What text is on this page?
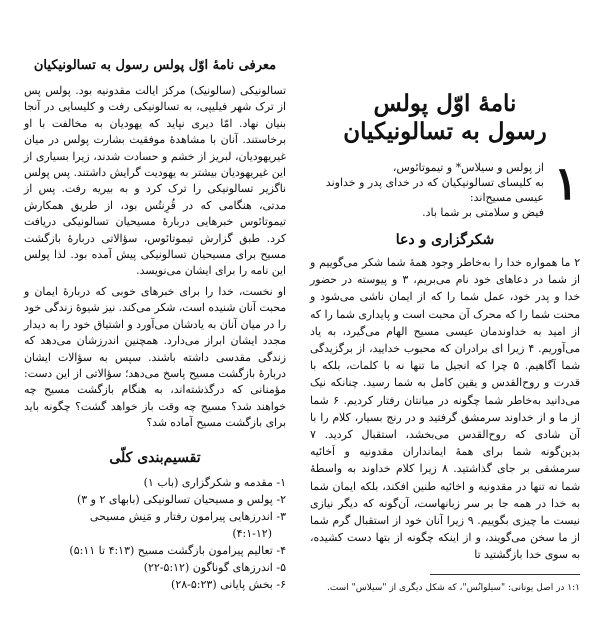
معرفی نامهٔ اوّل پولس رسول به تسالونیکیان

تسالونیکی (سالونیک) مرکز ایالت مقدونیه بود. پولس پس از ترک شهر فیلیپی، به تسالونیکی رفت و کلیسایی در آنجا بنیان نهاد. امّا دیری نپاید که یهودیان به مخالفت با او برخاستند. آنان با مشاهدهٔ موفقیت بشارت پولس در میان غیریهودیان، لبریز از خشم و حسادت شدند، زیرا بسیاری از این غیریهودیان بیشتر به یهودیت گرایش داشتند. پس پولس ناگزیر تسالونیکی را ترک کرد و به بیریه رفت. پس از مدتی، هنگامی که در قُرِنتُس بود، از طریق همکارش تیموتائوس خبرهایی دربارهٔ مسیحیان تسالونیکی دریافت کرد. طبق گزارش تیموتائوس، سؤالاتی دربارهٔ بازگشت مسیح برای مسیحیان تسالونیکی پیش آمده بود. لذا پولس این نامه را برای ایشان می‌نویسد.

او نخست، خدا را برای خبرهای خوبی که دربارهٔ ایمان و محبت آنان شنیده است، شکر می‌کند. نیز شیوهٔ زندگی خود را در میان آنان به یادشان می‌آورد و اشتیاق خود را به دیدار مجدد ایشان ابراز می‌دارد. همچنین اندرزشان می‌دهد که زندگی مقدسی داشته باشند. سپس به سؤالات ایشان دربارهٔ بازگشت مسیح پاسخ می‌دهد؛ سؤالاتی از این دست: مؤمنانی که درگذشته‌اند، به هنگام بازگشت مسیح چه خواهند شد؟ مسیح چه وقت باز خواهد گشت؟ چگونه باید برای بازگشت مسیح آماده شد؟

تقسیم‌بندی کلّی
۱- مقدمه و شکرگزاری (باب ۱)
۲- پولس و مسیحیان تسالونیکی (بابهای ۲ و ۳)
۳- اندرزهایی پیرامون رفتار و مَنِش مسیحی
(۴:۱-۱۲)
۴- تعالیم پیرامون بازگشت مسیح (۴:۱۳ تا ۵:۱۱)
۵- اندرزهای گوناگون (۵:۱۲-۲۲)
۶- بخش پایانی (۵:۲۳-۲۸)
نامهٔ اوّل پولس
رسول به تسالونیکیان
۱

از پولس و سیلاس* و تیموتائوس،

به کلیسای تسالونیکیان که در خدای پدر و خداوند

عیسی مسیح‌اند:

فیض و سلامتی بر شما باد.

شکرگزاری و دعا

۲ ما همواره خدا را به‌خاطر وجود همهٔ شما شکر می‌گوییم و از شما در دعاهای خود نام می‌بریم، ۳ و پیوسته در حضور خدا و پدر خود، عمل شما را که از ایمان ناشی می‌شود و محنت شما را که محرک آن محبت است و پایداری شما را که از امید به خداوندمان عیسی مسیح الهام می‌گیرد، به یاد می‌آوریم. ۴ زیرا ای برادران که محبوب خدایید، از برگزیدگی شما آگاهیم. ۵ چرا که انجیل ما تنها نه با کلمات، بلکه با قدرت و روح‌القدس و یقین کامل به شما رسید. چنانکه نیک می‌دانید به‌خاطر شما چگونه در میانتان رفتار کردیم. ۶ شما از ما و از خداوند سرمشق گرفتید و در رنج بسیار، کلام را با آن شادی که روح‌القدس می‌بخشد، استقبال کردید. ۷ بدین‌گونه شما برای همهٔ ایمانداران مقدونیه و اَخائیه سرمشقی بر جای گذاشتید. ۸ زیرا کلام خداوند به واسطهٔ شما نه تنها در مقدونیه و اخائیه طنین افکند، بلکه ایمان شما به خدا در همه جا بر سر زبانهاست، آن‌گونه که دیگر نیازی نیست ما چیزی بگوییم. ۹ زیرا آنان خود از استقبال گرم شما از ما سخن می‌گویند، و از اینکه چگونه از بتها دست کشیده، به سوی خدا بازگشتید تا

۱:۱ در اصل یونانی: "سیلوانُس"، که شکل دیگری از "سیلاس" است.
